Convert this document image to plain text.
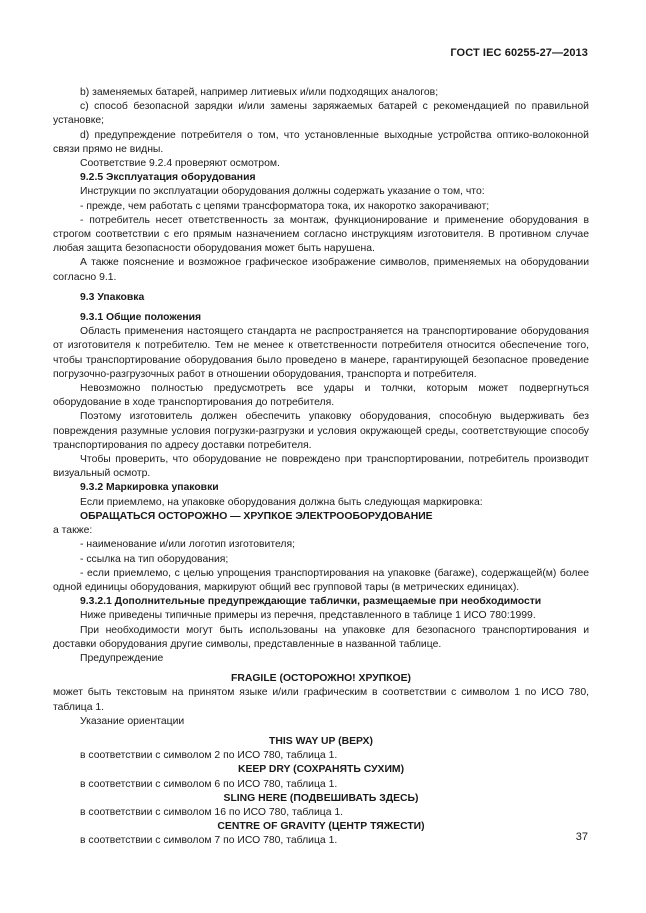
ГОСТ IEC 60255-27—2013

b) заменяемых батарей, например литиевых и/или подходящих аналогов;

c) способ безопасной зарядки и/или замены заряжаемых батарей с рекомендацией по правильной установке;

d) предупреждение потребителя о том, что установленные выходные устройства оптико-волоконной связи прямо не видны.

Соответствие 9.2.4 проверяют осмотром.

9.2.5 Эксплуатация оборудования

Инструкции по эксплуатации оборудования должны содержать указание о том, что:

- прежде, чем работать с цепями трансформатора тока, их накоротко закорачивают;

- потребитель несет ответственность за монтаж, функционирование и применение оборудования в строгом соответствии с его прямым назначением согласно инструкциям изготовителя. В противном случае любая защита безопасности оборудования может быть нарушена.

А также пояснение и возможное графическое изображение символов, применяемых на оборудовании согласно 9.1.

9.3 Упаковка

9.3.1 Общие положения

Область применения настоящего стандарта не распространяется на транспортирование оборудования от изготовителя к потребителю. Тем не менее к ответственности потребителя относится обеспечение того, чтобы транспортирование оборудования было проведено в манере, гарантирующей безопасное проведение погрузочно-разгрузочных работ в отношении оборудования, транспорта и потребителя.

Невозможно полностью предусмотреть все удары и толчки, которым может подвергнуться оборудование в ходе транспортирования до потребителя.

Поэтому изготовитель должен обеспечить упаковку оборудования, способную выдерживать без повреждения разумные условия погрузки-разгрузки и условия окружающей среды, соответствующие способу транспортирования по адресу доставки потребителя.

Чтобы проверить, что оборудование не повреждено при транспортировании, потребитель производит визуальный осмотр.

9.3.2 Маркировка упаковки

Если приемлемо, на упаковке оборудования должна быть следующая маркировка:

ОБРАЩАТЬСЯ ОСТОРОЖНО — ХРУПКОЕ ЭЛЕКТРООБОРУДОВАНИЕ

а также:

- наименование и/или логотип изготовителя;

- ссылка на тип оборудования;

- если приемлемо, с целью упрощения транспортирования на упаковке (багаже), содержащей(м) более одной единицы оборудования, маркируют общий вес групповой тары (в метрических единицах).

9.3.2.1 Дополнительные предупреждающие таблички, размещаемые при необходимости

Ниже приведены типичные примеры из перечня, представленного в таблице 1 ИСО 780:1999.

При необходимости могут быть использованы на упаковке для безопасного транспортирования и доставки оборудования другие символы, представленные в названной таблице.

Предупреждение

FRAGILE (ОСТОРОЖНО! ХРУПКОЕ)

может быть текстовым на принятом языке и/или графическим в соответствии с символом 1 по ИСО 780, таблица 1.

Указание ориентации

THIS WAY UP (ВЕРХ)

в соответствии с символом 2 по ИСО 780, таблица 1.

KEEP DRY (СОХРАНЯТЬ СУХИМ)

в соответствии с символом 6 по ИСО 780, таблица 1.

SLING HERE (ПОДВЕШИВАТЬ ЗДЕСЬ)

в соответствии с символом 16 по ИСО 780, таблица 1.

CENTRE OF GRAVITY (ЦЕНТР ТЯЖЕСТИ)

в соответствии с символом 7 по ИСО 780, таблица 1.	37
